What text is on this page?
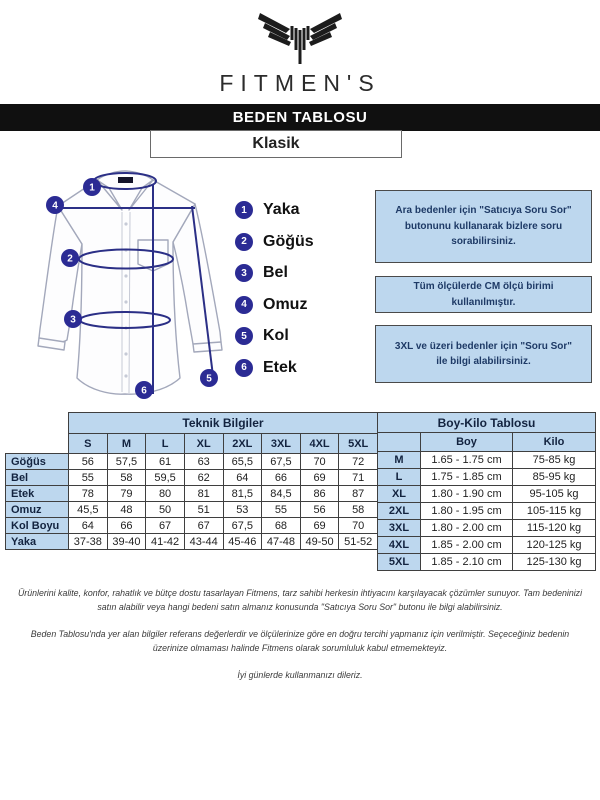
FITMEN'S
BEDEN TABLOSU
Klasik
1
4
2
3
5
6
1	Yaka
2	Göğüs
3	Bel
4	Omuz
5	Kol
6	Etek
Ara bedenler için "Satıcıya Soru Sor" butonunu kullanarak bizlere soru sorabilirsiniz.
Tüm ölçülerde CM ölçü birimi kullanılmıştır.
3XL ve üzeri bedenler için "Soru Sor" ile bilgi alabilirsiniz.
	Teknik Bilgiler							
	S	M	L	XL	2XL	3XL	4XL	5XL
Göğüs	56	57,5	61	63	65,5	67,5	70	72
Bel	55	58	59,5	62	64	66	69	71
Etek	78	79	80	81	81,5	84,5	86	87
Omuz	45,5	48	50	51	53	55	56	58
Kol Boyu	64	66	67	67	67,5	68	69	70
Yaka	37-38	39-40	41-42	43-44	45-46	47-48	49-50	51-52
Boy-Kilo Tablosu		
	Boy	Kilo
M	1.65 - 1.75 cm	75-85 kg
L	1.75 - 1.85 cm	85-95 kg
XL	1.80 - 1.90 cm	95-105 kg
2XL	1.80 - 1.95 cm	105-115 kg
3XL	1.80 - 2.00 cm	115-120 kg
4XL	1.85 - 2.00 cm	120-125 kg
5XL	1.85 - 2.10 cm	125-130 kg

Ürünlerini kalite, konfor, rahatlık ve bütçe dostu tasarlayan Fitmens, tarz sahibi herkesin ihtiyacını karşılayacak çözümler sunuyor. Tam bedeninizi satın alabilir veya hangi bedeni satın almanız konusunda "Satıcıya Soru Sor" butonu ile bilgi alabilirsiniz.

Beden Tablosu'nda yer alan bilgiler referans değerlerdir ve ölçülerinize göre en doğru tercihi yapmanız için verilmiştir. Seçeceğiniz bedenin üzerinize olmaması halinde Fitmens olarak sorumluluk kabul etmemekteyiz.

İyi günlerde kullanmanızı dileriz.
